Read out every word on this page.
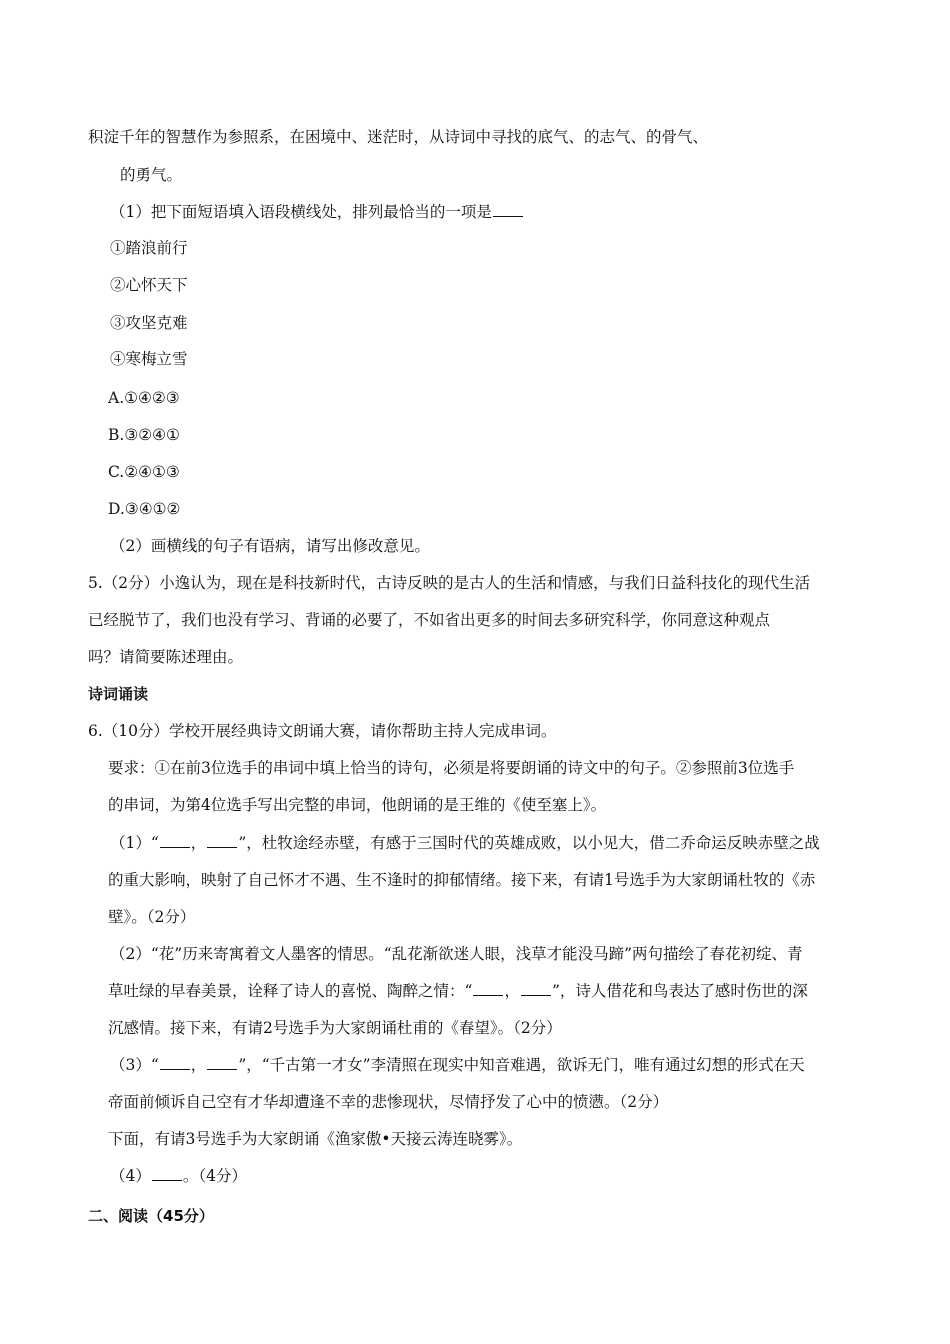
积淀千年的智慧作为参照系，在困境中、迷茫时，从诗词中寻找的底气、的志气、的骨气、
的勇气。
（1）把下面短语填入语段横线处，排列最恰当的一项是
①踏浪前行
②心怀天下
③攻坚克难
④寒梅立雪
A.①④②③
B.③②④①
C.②④①③
D.③④①②
（2）画横线的句子有语病，请写出修改意见。
5.（2分）小逸认为，现在是科技新时代，古诗反映的是古人的生活和情感，与我们日益科技化的现代生活
已经脱节了，我们也没有学习、背诵的必要了，不如省出更多的时间去多研究科学，你同意这种观点
吗？请简要陈述理由。
诗词诵读
6.（10分）学校开展经典诗文朗诵大赛，请你帮助主持人完成串词。
要求：①在前3位选手的串词中填上恰当的诗句，必须是将要朗诵的诗文中的句子。②参照前3位选手
的串词，为第4位选手写出完整的串词，他朗诵的是王维的《使至塞上》。
（1）“ ， ”，杜牧途经赤壁，有感于三国时代的英雄成败，以小见大，借二乔命运反映赤壁之战
的重大影响，映射了自己怀才不遇、生不逢时的抑郁情绪。接下来，有请1号选手为大家朗诵杜牧的《赤
壁》。（2分）
（2）“花”历来寄寓着文人墨客的情思。“乱花渐欲迷人眼，浅草才能没马蹄”两句描绘了春花初绽、青
草吐绿的早春美景，诠释了诗人的喜悦、陶醉之情：“ ， ”，诗人借花和鸟表达了感时伤世的深
沉感情。接下来，有请2号选手为大家朗诵杜甫的《春望》。（2分）
（3）“ ， ”，“千古第一才女”李清照在现实中知音难遇，欲诉无门，唯有通过幻想的形式在天
帝面前倾诉自己空有才华却遭逢不幸的悲惨现状，尽情抒发了心中的愤懑。（2分）
下面，有请3号选手为大家朗诵《渔家傲•天接云涛连晓雾》。
（4） 。（4分）
二、阅读（45分）
